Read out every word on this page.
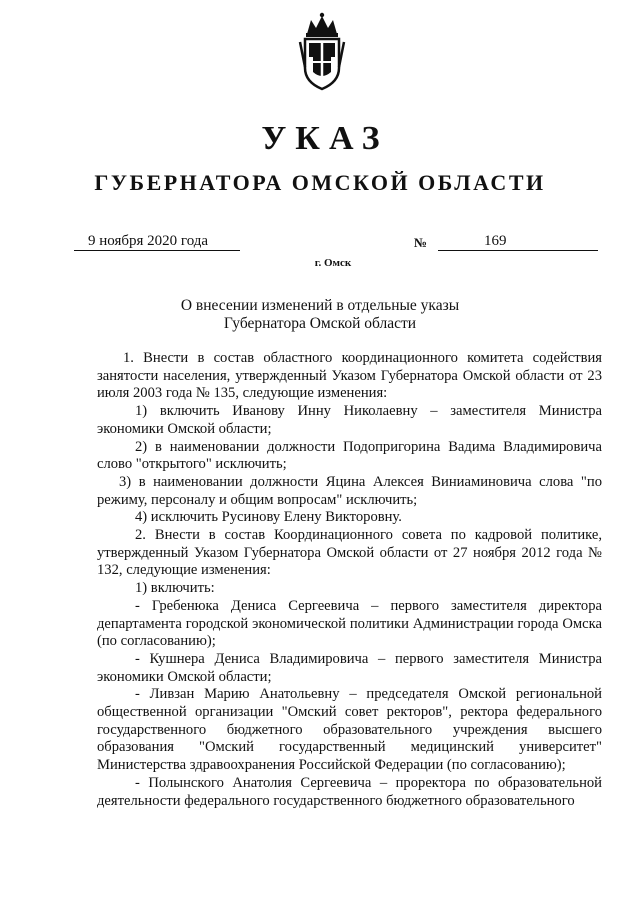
УКАЗ
ГУБЕРНАТОРА ОМСКОЙ ОБЛАСТИ
9 ноября 2020 года	№	169
г. Омск
О внесении изменений в отдельные указы
Губернатора Омской области

1. Внести в состав областного координационного комитета содействия занятости населения, утвержденный Указом Губернатора Омской области от 23 июля 2003 года № 135, следующие изменения:

1) включить Иванову Инну Николаевну – заместителя Министра экономики Омской области;

2) в наименовании должности Подопригорина Вадима Владимировича слово "открытого" исключить;

3) в наименовании должности Яцина Алексея Виниаминовича слова "по режиму, персоналу и общим вопросам" исключить;

4) исключить Русинову Елену Викторовну.

2. Внести в состав Координационного совета по кадровой политике, утвержденный Указом Губернатора Омской области от 27 ноября 2012 года № 132, следующие изменения:

1) включить:

- Гребенюка Дениса Сергеевича – первого заместителя директора департамента городской экономической политики Администрации города Омска (по согласованию);

- Кушнера Дениса Владимировича – первого заместителя Министра экономики Омской области;

- Ливзан Марию Анатольевну – председателя Омской региональной общественной организации "Омский совет ректоров", ректора федерального государственного бюджетного образовательного учреждения высшего образования "Омский государственный медицинский университет" Министерства здравоохранения Российской Федерации (по согласованию);

- Полынского Анатолия Сергеевича – проректора по образовательной деятельности федерального государственного бюджетного образовательного
